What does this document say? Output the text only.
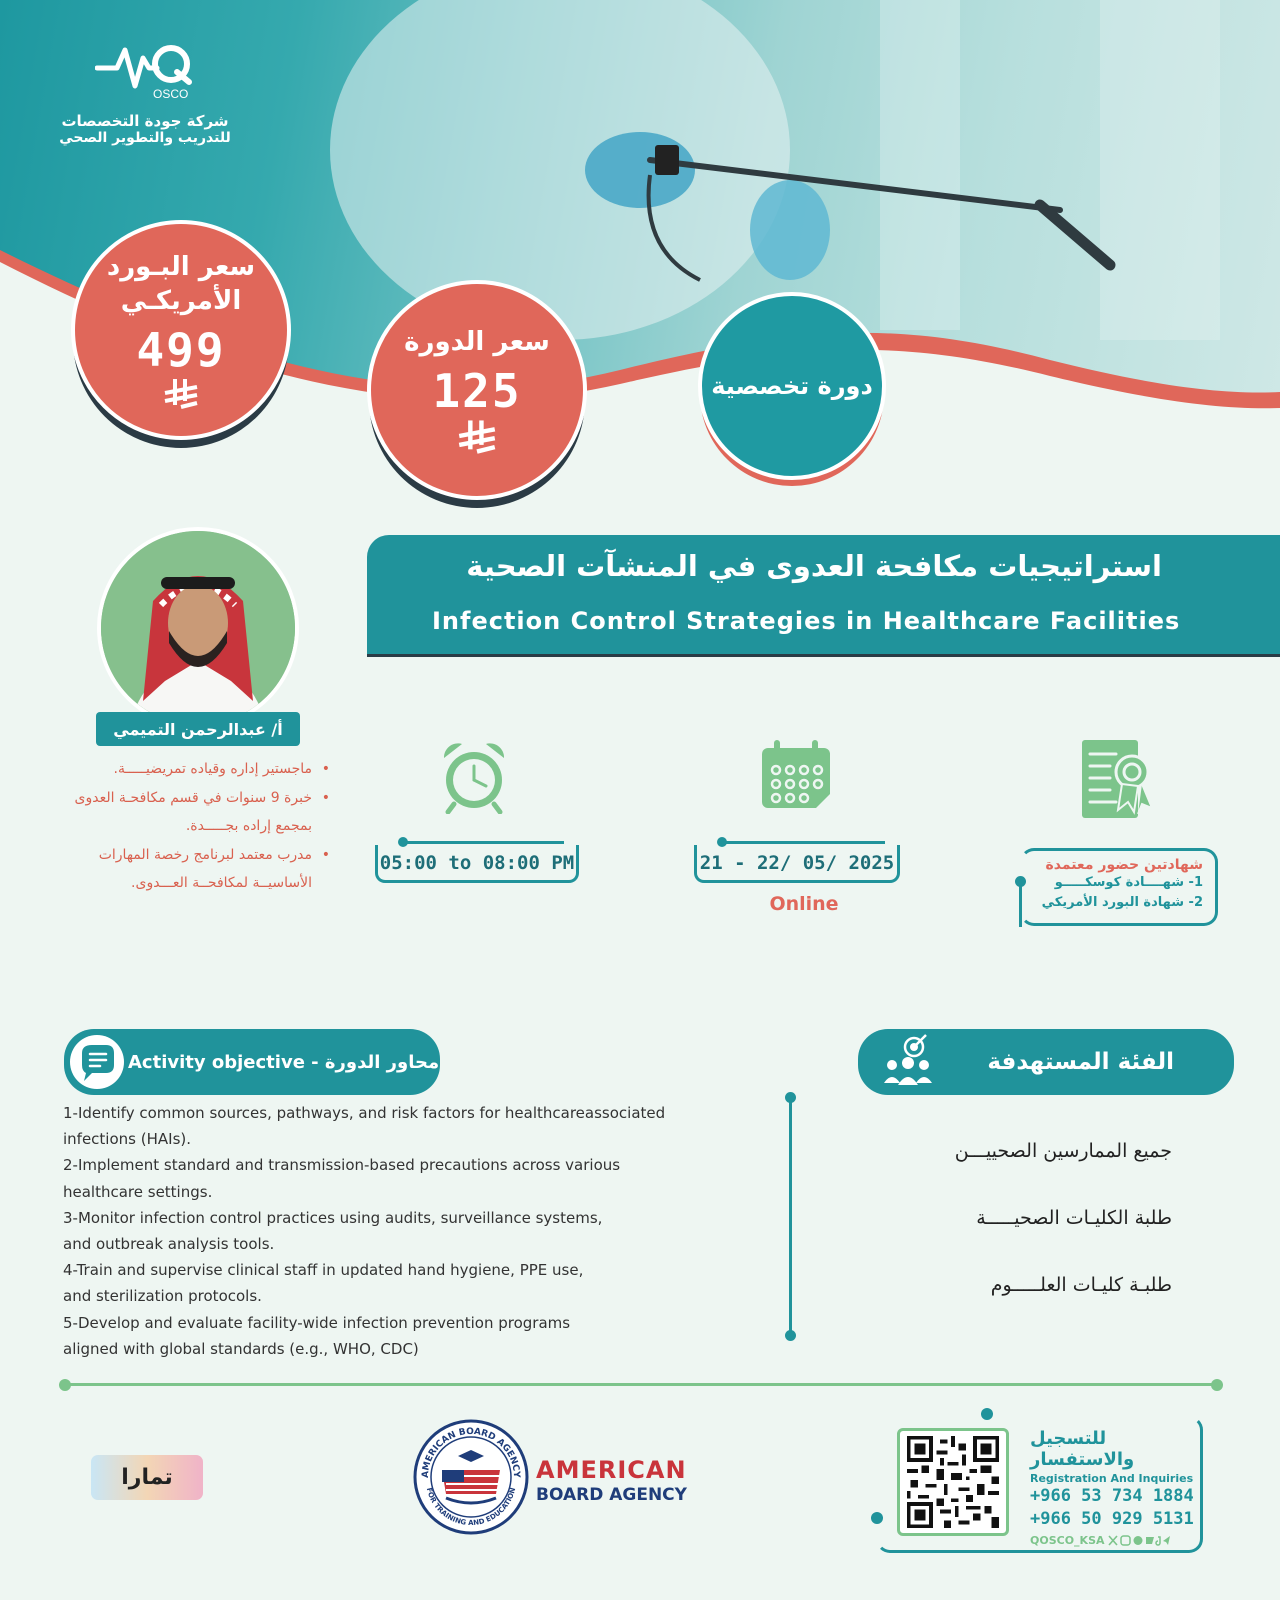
OSCO
شركة جودة التخصصات
للتدريب والتطوير الصحي
سعر البـورد
الأمريكـي
499	سعر الدورة
125	دورة تخصصية
استراتيجيات مكافحة العدوى في المنشآت الصحية
Infection Control Strategies in Healthcare Facilities
أ/ عبدالرحمن التميمي
• ماجستير إداره وقياده تمريضيـــــة.
• خبرة 9 سنوات في قسم مكافحـة العدوى بمجمع إراده بجـــــدة.
• مدرب معتمد لبرنامج رخصة المهارات الأساسيــة لمكافحــة العـــدوى.
05:00 to 08:00 PM	21 - 22/ 05/ 2025
Online
شهادتين حضور معتمدة
1- شهــــادة كوسكـــــو
2- شهادة البورد الأمريكي
Activity objective - محاور الدورة
1-Identify common sources, pathways, and risk factors for healthcareassociated
infections (HAIs).
2-Implement standard and transmission-based precautions across various
healthcare settings.
3-Monitor infection control practices using audits, surveillance systems,
and outbreak analysis tools.
4-Train and supervise clinical staff in updated hand hygiene, PPE use,
and sterilization protocols.
5-Develop and evaluate facility-wide infection prevention programs
aligned with global standards (e.g., WHO, CDC)
الفئة المستهدفة
جميع الممارسين الصحييـــن
طلبة الكليـات الصحيـــــة
طلبـة كليـات العلـــــوم
تمارا	AMERICAN BOARD AGENCY
FOR TRAINING AND EDUCATION
AMERICAN
BOARD AGENCY
للتسجيل والاستفسار
Registration And Inquiries
+966 53 734 1884
+966 50 929 5131
QOSCO_KSA
